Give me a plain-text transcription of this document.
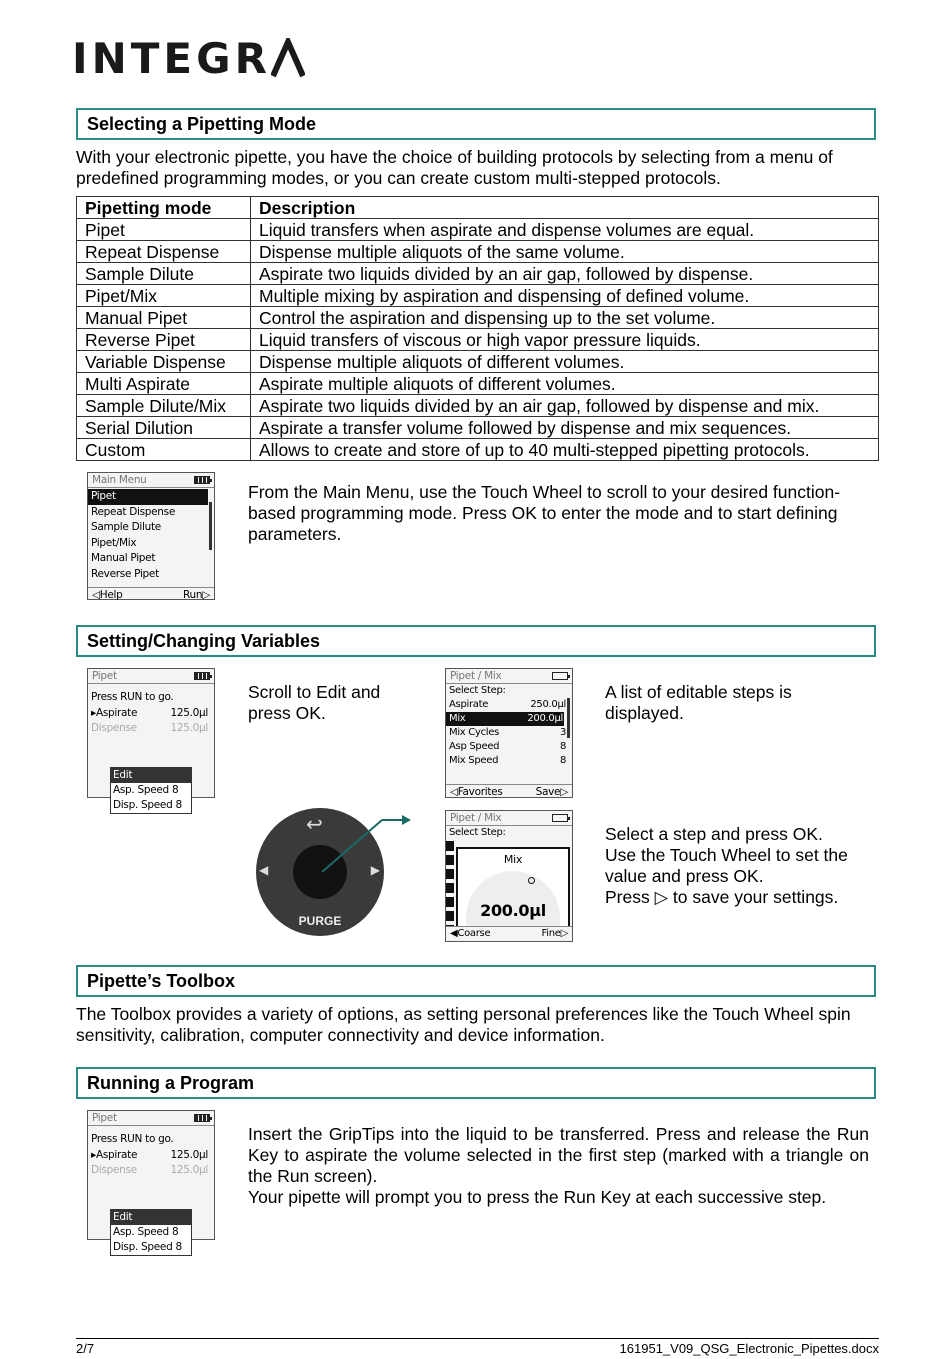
INTEGR
Selecting a Pipetting Mode
With your electronic pipette, you have the choice of building protocols by selecting from a menu of predefined programming modes, or you can create custom multi-stepped protocols.
Pipetting mode	Description
Pipet	Liquid transfers when aspirate and dispense volumes are equal.
Repeat Dispense	Dispense multiple aliquots of the same volume.
Sample Dilute	Aspirate two liquids divided by an air gap, followed by dispense.
Pipet/Mix	Multiple mixing by aspiration and dispensing of defined volume.
Manual Pipet	Control the aspiration and dispensing up to the set volume.
Reverse Pipet	Liquid transfers of viscous or high vapor pressure liquids.
Variable Dispense	Dispense multiple aliquots of different volumes.
Multi Aspirate	Aspirate multiple aliquots of different volumes.
Sample Dilute/Mix	Aspirate two liquids divided by an air gap, followed by dispense and mix.
Serial Dilution	Aspirate a transfer volume followed by dispense and mix sequences.
Custom	Allows to create and store of up to 40 multi-stepped pipetting protocols.
Main Menu
Pipet
Repeat Dispense
Sample Dilute
Pipet/Mix
Manual Pipet
Reverse Pipet
◁Help	Run▷
From the Main Menu, use the Touch Wheel to scroll to your desired function-based programming mode. Press OK to enter the mode and to start defining parameters.
Setting/Changing Variables
Pipet
Press RUN to go.
▸Aspirate	125.0µl
Dispense	125.0µl
Edit
Asp. Speed 8
Disp. Speed 8
Scroll to Edit and press OK.
Pipet / Mix
Select Step:
Aspirate	250.0µl
Mix	200.0µl
Mix Cycles	3
Asp Speed	8
Mix Speed	8
◁Favorites	Save▷
A list of editable steps is displayed.
↩
◀	▶
PURGE
Pipet / Mix
Select Step:
Mix
200.0µl
◀Coarse	Fine▷
Select a step and press OK.
Use the Touch Wheel to set the value and press OK.
Press ▷ to save your settings.
Pipette’s Toolbox
The Toolbox provides a variety of options, as setting personal preferences like the Touch Wheel spin sensitivity, calibration, computer connectivity and device information.
Running a Program
Pipet
Press RUN to go.
▸Aspirate	125.0µl
Dispense	125.0µl
Edit
Asp. Speed 8
Disp. Speed 8
Insert the GripTips into the liquid to be transferred. Press and release the Run Key to aspirate the volume selected in the first step (marked with a triangle on the Run screen).
Your pipette will prompt you to press the Run Key at each successive step.
2/7	161951_V09_QSG_Electronic_Pipettes.docx
